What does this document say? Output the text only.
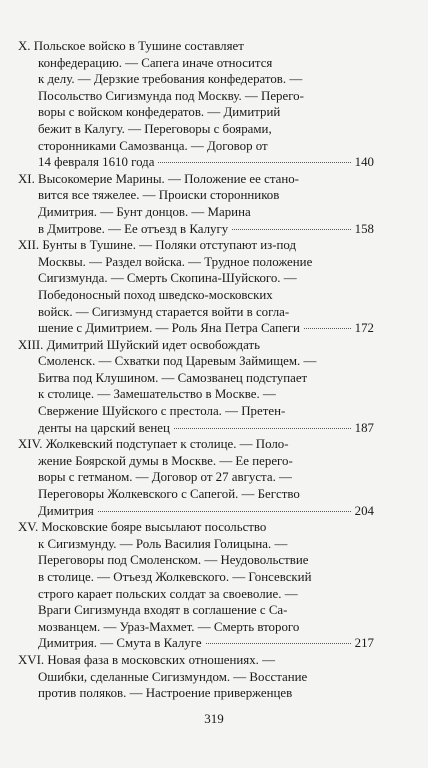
X. Польское войско в Тушине составляет
конфедерацию. — Сапега иначе относится
к делу. — Дерзкие требования конфедератов. —
Посольство Сигизмунда под Москву. — Перего-
воры с войском конфедератов. — Димитрий
бежит в Калугу. — Переговоры с боярами,
сторонниками Самозванца. — Договор от
14 февраля 1610 года	140
XI. Высокомерие Марины. — Положение ее стано-
вится все тяжелее. — Происки сторонников
Димитрия. — Бунт донцов. — Марина
в Дмитрове. — Ее отъезд в Калугу	158
XII. Бунты в Тушине. — Поляки отступают из-под
Москвы. — Раздел войска. — Трудное положение
Сигизмунда. — Смерть Скопина-Шуйского. —
Победоносный поход шведско-московских
войск. — Сигизмунд старается войти в согла-
шение с Димитрием. — Роль Яна Петра Сапеги	172
XIII. Димитрий Шуйский идет освобождать
Смоленск. — Схватки под Царевым Займищем. —
Битва под Клушином. — Самозванец подступает
к столице. — Замешательство в Москве. —
Свержение Шуйского с престола. — Претен-
денты на царский венец	187
XIV. Жолкевский подступает к столице. — Поло-
жение Боярской думы в Москве. — Ее перего-
воры с гетманом. — Договор от 27 августа. —
Переговоры Жолкевского с Сапегой. — Бегство
Димитрия	204
XV. Московские бояре высылают посольство
к Сигизмунду. — Роль Василия Голицына. —
Переговоры под Смоленском. — Неудовольствие
в столице. — Отъезд Жолкевского. — Гонсевский
строго карает польских солдат за своеволие. —
Враги Сигизмунда входят в соглашение с Са-
мозванцем. — Ураз-Махмет. — Смерть второго
Димитрия. — Смута в Калуге	217
XVI. Новая фаза в московских отношениях. —
Ошибки, сделанные Сигизмундом. — Восстание
против поляков. — Настроение приверженцев
319
